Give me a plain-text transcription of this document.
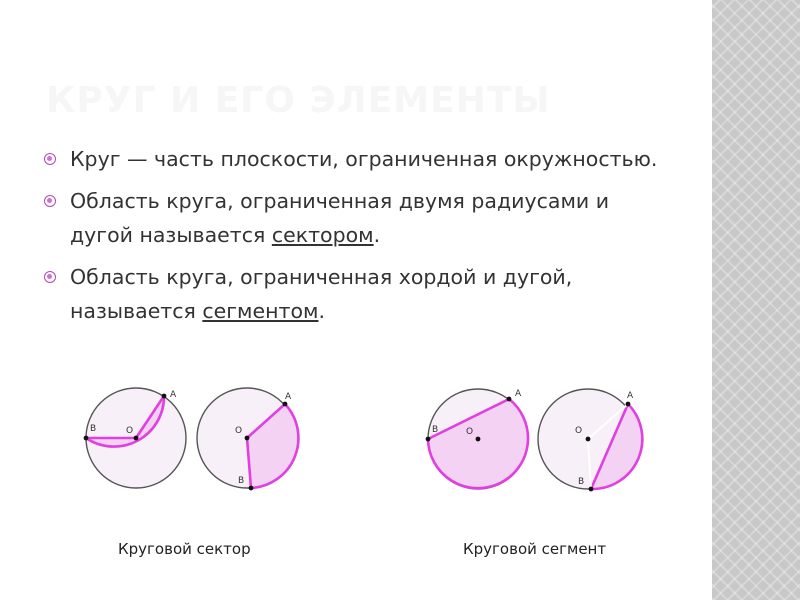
КРУГ И ЕГО ЭЛЕМЕНТЫ
Круг — часть плоскости, ограниченная окружностью.
Область круга, ограниченная двумя радиусами и дугой называется сектором.
Область круга, ограниченная хордой и дугой, называется сегментом.
A
B	O
A
B
O
A
B	O
A
B
O
Круговой сектор	Круговой сегмент
